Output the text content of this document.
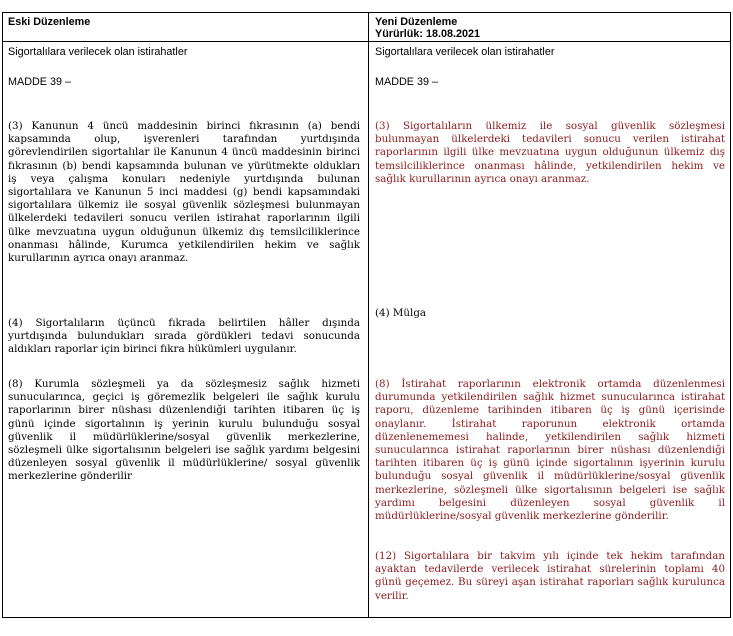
Eski Düzenleme	Yeni Düzenleme
Yürürlük: 18.08.2021
Sigortalılara verilecek olan istirahatler
MADDE 39 –
(3) Kanunun 4 üncü maddesinin birinci fıkrasının (a) bendi kapsamında olup, işverenleri tarafından yurtdışında görevlendirilen sigortalılar ile Kanunun 4 üncü maddesinin birinci fıkrasının (b) bendi kapsamında bulunan ve yürütmekte oldukları iş veya çalışma konuları nedeniyle yurtdışında bulunan sigortalılara ve Kanunun 5 inci maddesi (g) bendi kapsamındaki sigortalılara ülkemiz ile sosyal güvenlik sözleşmesi bulunmayan ülkelerdeki tedavileri sonucu verilen istirahat raporlarının ilgili ülke mevzuatına uygun olduğunun ülkemiz dış temsilciliklerince onanması hâlinde, Kurumca yetkilendirilen hekim ve sağlık kurullarının ayrıca onayı aranmaz.
(4) Sigortalıların üçüncü fıkrada belirtilen hâller dışında yurtdışında bulundukları sırada gördükleri tedavi sonucunda aldıkları raporlar için birinci fıkra hükümleri uygulanır.
(8) Kurumla sözleşmeli ya da sözleşmesiz sağlık hizmeti sunucularınca, geçici iş göremezlik belgeleri ile sağlık kurulu raporlarının birer nüshası düzenlendiği tarihten itibaren üç iş günü içinde sigortalının iş yerinin kurulu bulunduğu sosyal güvenlik il müdürlüklerine/sosyal güvenlik merkezlerine, sözleşmeli ülke sigortalısının belgeleri ise sağlık yardımı belgesini düzenleyen sosyal güvenlik il müdürlüklerine/ sosyal güvenlik merkezlerine gönderilir
Sigortalılara verilecek olan istirahatler
MADDE 39 –
(3) Sigortalıların ülkemiz ile sosyal güvenlik sözleşmesi bulunmayan ülkelerdeki tedavileri sonucu verilen istirahat raporlarının ilgili ülke mevzuatına uygun olduğunun ülkemiz dış temsilciliklerince onanması hâlinde, yetkilendirilen hekim ve sağlık kurullarının ayrıca onayı aranmaz.
(4) Mülga
(8) İstirahat raporlarının elektronik ortamda düzenlenmesi durumunda yetkilendirilen sağlık hizmet sunucularınca istirahat raporu, düzenleme tarihinden itibaren üç iş günü içerisinde onaylanır. İstirahat raporunun elektronik ortamda düzenlenememesi halinde, yetkilendirilen sağlık hizmeti sunucularınca istirahat raporlarının birer nüshası düzenlendiği tarihten itibaren üç iş günü içinde sigortalının işyerinin kurulu bulunduğu sosyal güvenlik il müdürlüklerine/sosyal güvenlik merkezlerine, sözleşmeli ülke sigortalısının belgeleri ise sağlık yardımı belgesini düzenleyen sosyal güvenlik il müdürlüklerine/sosyal güvenlik merkezlerine gönderilir.
(12) Sigortalılara bir takvim yılı içinde tek hekim tarafından ayaktan tedavilerde verilecek istirahat sürelerinin toplamı 40 günü geçemez. Bu süreyi aşan istirahat raporları sağlık kurulunca verilir.
